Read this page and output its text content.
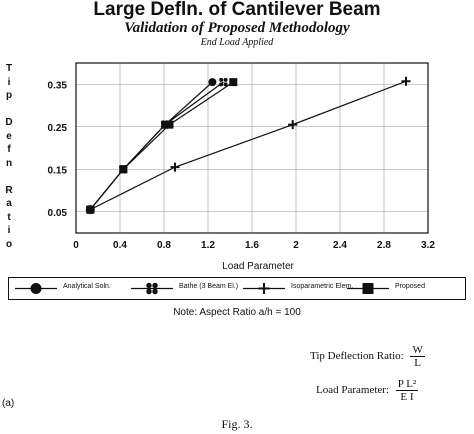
Large Defln. of Cantilever Beam
Validation of Proposed Methodology
End Load Applied
T
i
p

D
e
f
n

R
a
t
i
o	0	0.4	0.8	1.2	1.6	2	2.4	2.8	3.2
0.05
0.15
0.25
0.35
Load Parameter
Analytical Soln.	Bathe (3 Beam El.)	Isoparametric Elem.	Proposed
Note: Aspect Ratio a/h = 100
Tip Deflection Ratio: $\frac{W}{L}$
Load Parameter: $\frac{\text{P L²}}{\text{E I}}$
(a)
Fig. 3.
